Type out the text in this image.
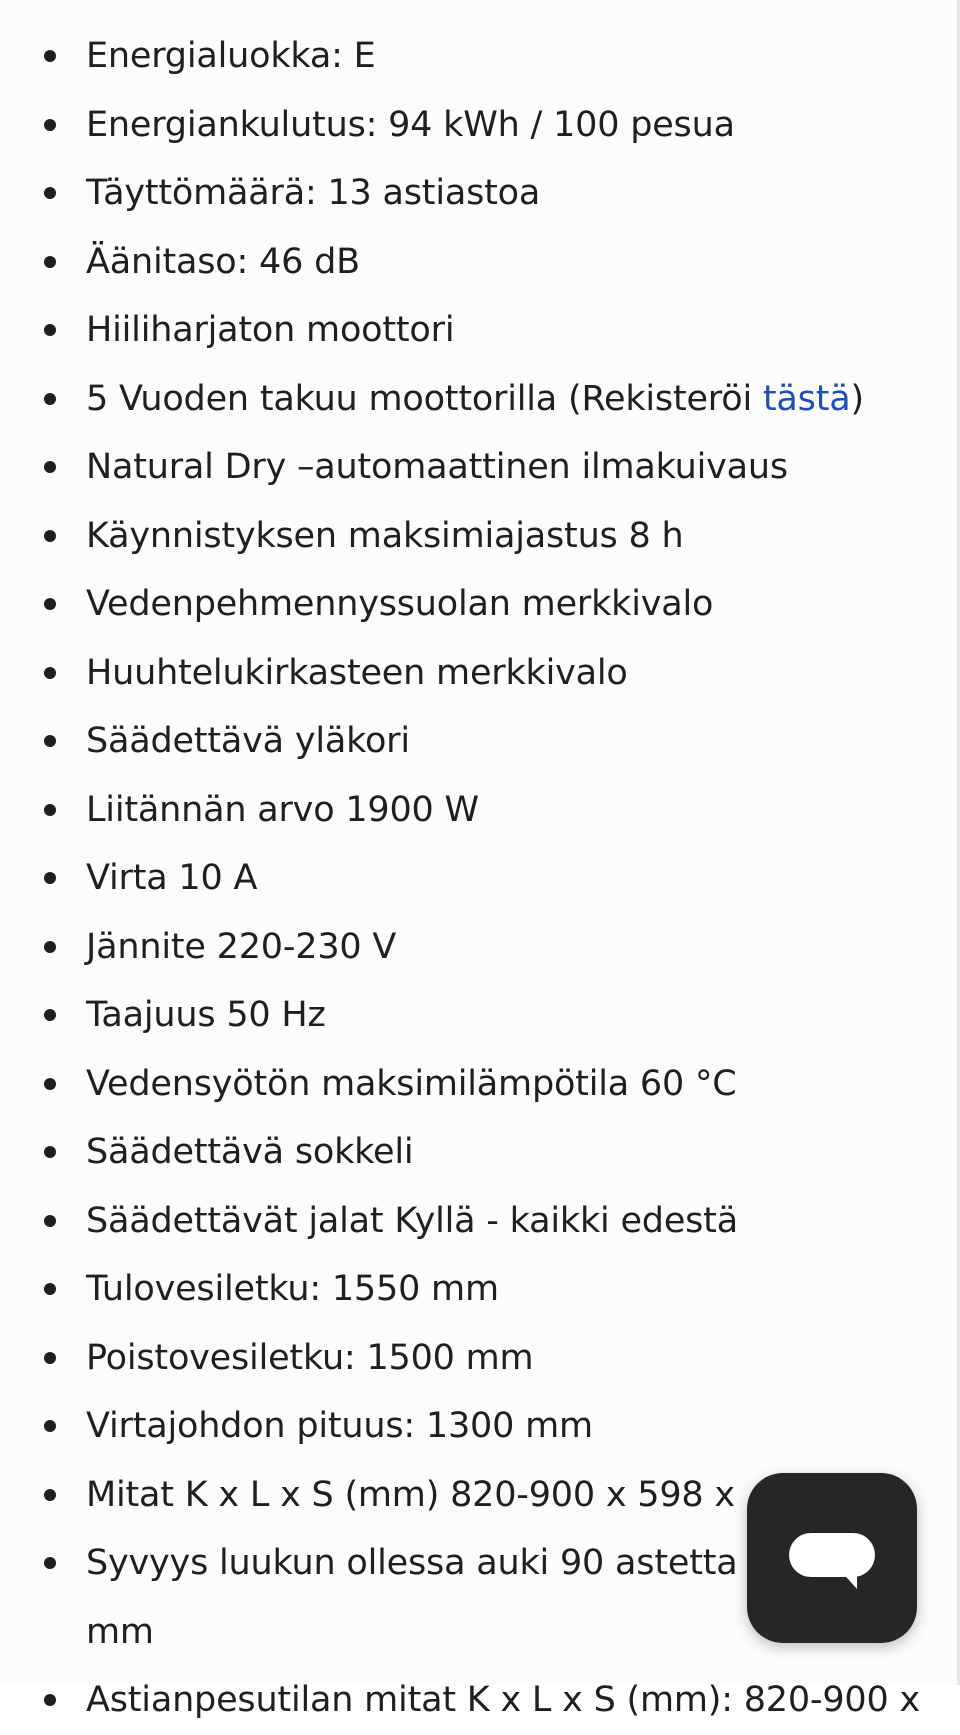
Energialuokka: E
Energiankulutus: 94 kWh / 100 pesua
Täyttömäärä: 13 astiastoa
Äänitaso: 46 dB
Hiiliharjaton moottori
5 Vuoden takuu moottorilla (Rekisteröi tästä)
Natural Dry –automaattinen ilmakuivaus
Käynnistyksen maksimiajastus 8 h
Vedenpehmennyssuolan merkkivalo
Huuhtelukirkasteen merkkivalo
Säädettävä yläkori
Liitännän arvo 1900 W
Virta 10 A
Jännite 220-230 V
Taajuus 50 Hz
Vedensyötön maksimilämpötila 60 °C
Säädettävä sokkeli
Säädettävät jalat Kyllä - kaikki edestä
Tulovesiletku: 1550 mm
Poistovesiletku: 1500 mm
Virtajohdon pituus: 1300 mm
Mitat K x L x S (mm) 820-900 x 598 x
Syvyys luukun ollessa auki 90 astetta
mm
Astianpesutilan mitat K x L x S (mm): 820-900 x
